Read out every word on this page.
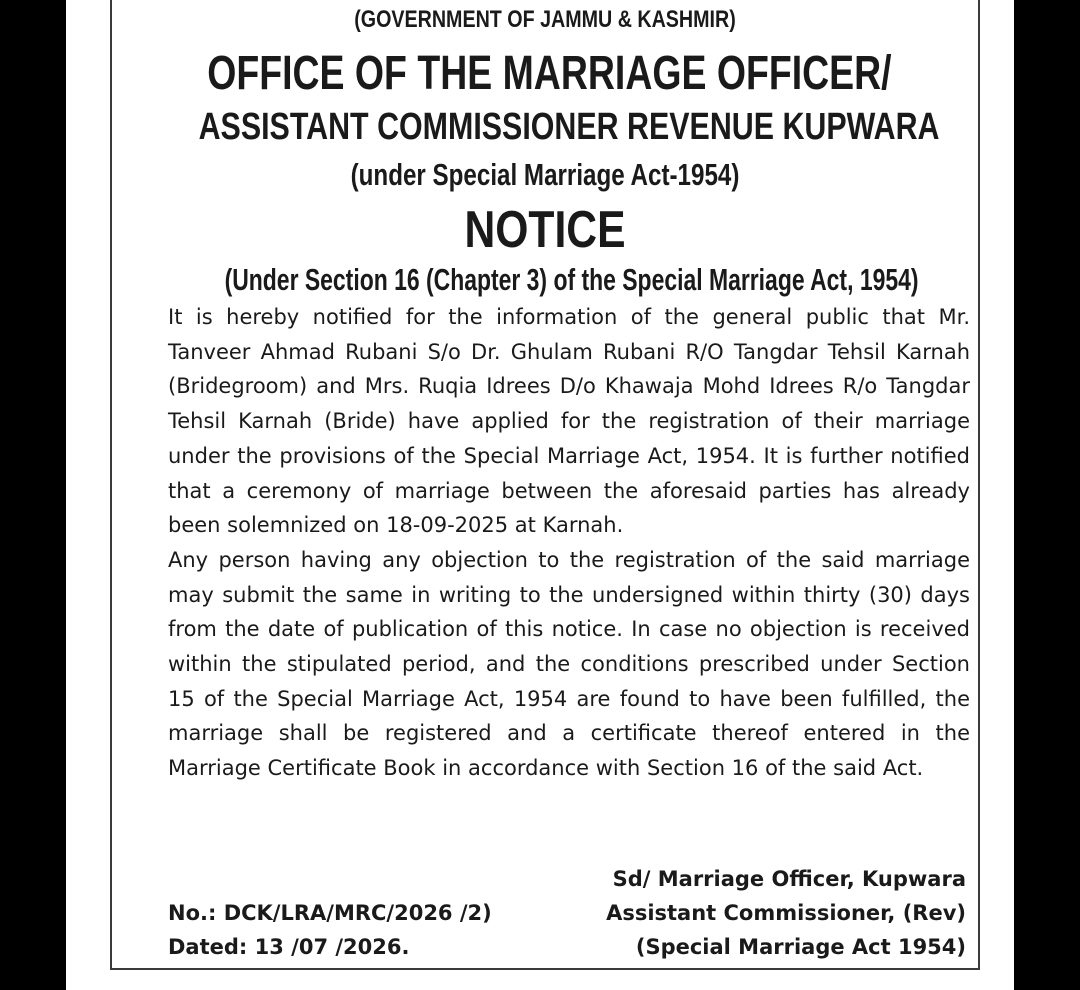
(GOVERNMENT OF JAMMU & KASHMIR)
OFFICE OF THE MARRIAGE OFFICER/
ASSISTANT COMMISSIONER REVENUE KUPWARA
(under Special Marriage Act-1954)
NOTICE
(Under Section 16 (Chapter 3) of the Special Marriage Act, 1954)

It is hereby notified for the information of the general public that Mr. Tanveer Ahmad Rubani S/o Dr. Ghulam Rubani R/O Tangdar Tehsil Karnah (Bridegroom) and Mrs. Ruqia Idrees D/o Khawaja Mohd Idrees R/o Tangdar Tehsil Karnah (Bride) have applied for the registration of their marriage under the provisions of the Special Marriage Act, 1954. It is further notified that a ceremony of marriage between the aforesaid parties has already been solemnized on 18-09-2025 at Karnah.

Any person having any objection to the registration of the said marriage may submit the same in writing to the undersigned within thirty (30) days from the date of publication of this notice. In case no objection is received within the stipulated period, and the conditions prescribed under Section 15 of the Special Marriage Act, 1954 are found to have been fulfilled, the marriage shall be registered and a certificate thereof entered in the Marriage Certificate Book in accordance with Section 16 of the said Act.

Sd/ Marriage Officer, Kupwara
Assistant Commissioner, (Rev)
(Special Marriage Act 1954)
No.: DCK/LRA/MRC/2026 /2)
Dated: 13 /07 /2026.
